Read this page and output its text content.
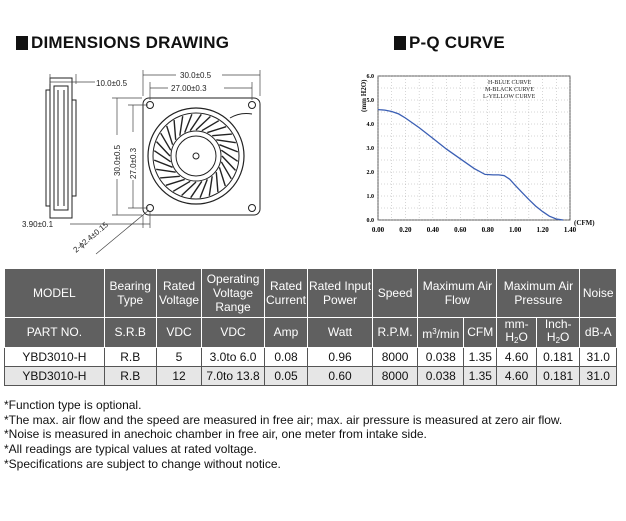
DIMENSIONS DRAWING	P-Q CURVE
10.0±0.5
30.0±0.5
27.00±0.3
30.0±0.5 27.0±0.3
3.90±0.1 2-ϕ2.4±0.15	0.0
1.0
2.0
3.0
4.0
5.0
6.0
0.00 0.20 0.40 0.60 0.80 1.00 1.20 1.40
(mm H2O)
(CFM)
H-BLUE CURVE
M-BLACK CURVE
L-YELLOW CURVE
MODEL	Bearing Type	Rated Voltage	Operating Voltage Range	Rated Current	Rated Input Power	Speed	Maximum Air Flow		Maximum Air Pressure		Noise
PART NO.	S.R.B	VDC	VDC	Amp	Watt	R.P.M.	$m^3/\min$	CFM	$mm-H_2O$	Inch-$H_2O$	dB-A
YBD3010-H	R.B	5	3.0to 6.0	0.08	0.96	8000	0.038	1.35	4.60	0.181	31.0
YBD3010-H	R.B	12	7.0to 13.8	0.05	0.60	8000	0.038	1.35	4.60	0.181	31.0
*Function type is optional.
*The max. air flow and the speed are measured in free air; max. air pressure is measured at zero air flow.
*Noise is measured in anechoic chamber in free air, one meter from intake side.
*All readings are typical values at rated voltage.
*Specifications are subject to change without notice.
